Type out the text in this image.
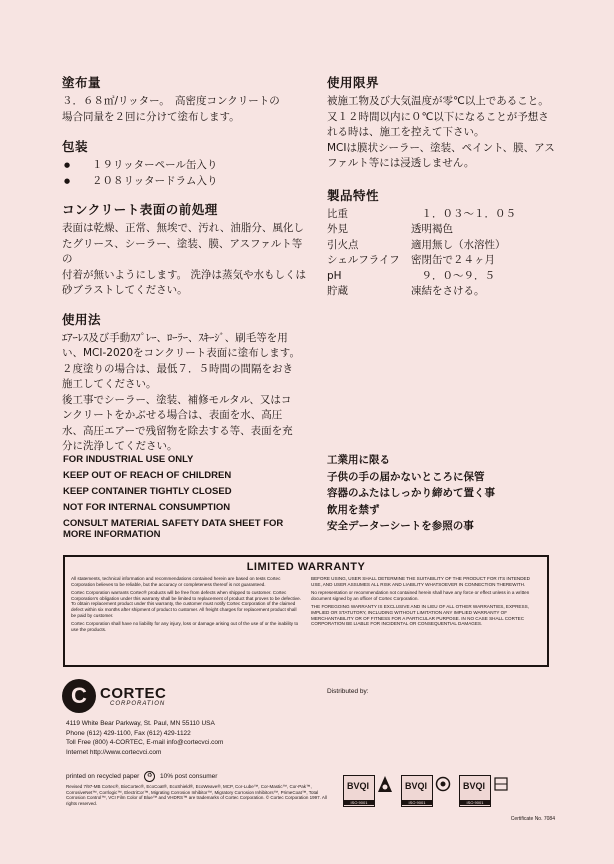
塗布量

３．６８㎡/リッター。　高密度コンクリートの
場合同量を２回に分けて塗布します。

包装
● １９リッターペール缶入り
● ２０８リッタードラム入り
コンクリート表面の前処理

表面は乾燥、正常、無埃で、汚れ、油脂分、風化し
たグリース、シーラー、塗装、膜、アスファルト等の
付着が無いようにします。 洗浄は蒸気や水もしくは
砂ブラストしてください。

使用法

ｴｱｰﾚｽ及び手動ｽﾌﾟﾚｰ、ﾛｰﾗｰ、ｽｷｰｼﾞ、刷毛等を用
い、MCI-2020をコンクリート表面に塗布します。
２度塗りの場合は、最低７．５時間の間隔をおき
施工してください。
後工事でシーラー、塗装、補修モルタル、又はコ
ンクリートをかぶせる場合は、表面を水、高圧
水、高圧エアーで残留物を除去する等、表面を充
分に洗浄してください。

使用限界

被施工物及び大気温度が零℃以上であること。
又１２時間以内に０℃以下になることが予想さ
れる時は、施工を控えて下さい。
MCIは膜状シーラー、塗装、ペイント、膜、アス
ファルト等には浸透しません。

製品特性
比重	　１．０３～１．０５
外見	透明褐色
引火点	適用無し（水溶性）
シェルフライフ	密閉缶で２４ヶ月
pH	　９．０～９．５
貯蔵	凍結をさける。
FOR INDUSTRIAL USE ONLY
KEEP OUT OF REACH OF CHILDREN
KEEP CONTAINER TIGHTLY CLOSED
NOT FOR INTERNAL CONSUMPTION
CONSULT MATERIAL SAFETY DATA SHEET FOR
MORE INFORMATION
工業用に限る
子供の手の届かないところに保管
容器のふたはしっかり締めて置く事
飲用を禁ず
安全データーシートを参照の事
LIMITED WARRANTY

All statements, technical information and recommendations contained herein are based on tests Cortec Corporation believes to be reliable, but the accuracy or completeness thereof is not guaranteed.

Cortec Corporation warrants Cortec® products will be free from defects when shipped to customer. Cortec Corporation's obligation under this warranty shall be limited to replacement of product that proves to be defective. To obtain replacement product under this warranty, the customer must notify Cortec Corporation of the claimed defect within six months after shipment of product to customer. All freight charges for replacement product shall be paid by customer.

Cortec Corporation shall have no liability for any injury, loss or damage arising out of the use of or the inability to use the products.

BEFORE USING, USER SHALL DETERMINE THE SUITABILITY OF THE PRODUCT FOR ITS INTENDED USE, AND USER ASSUMES ALL RISK AND LIABILITY WHATSOEVER IN CONNECTION THEREWITH.

No representation or recommendation not contained herein shall have any force or effect unless in a written document signed by an officer of Cortec Corporation.

THE FOREGOING WARRANTY IS EXCLUSIVE AND IN LIEU OF ALL OTHER WARRANTIES, EXPRESS, IMPLIED OR STATUTORY, INCLUDING WITHOUT LIMITATION ANY IMPLIED WARRANTY OF MERCHANTABILITY OR OF FITNESS FOR A PARTICULAR PURPOSE. IN NO CASE SHALL CORTEC CORPORATION BE LIABLE FOR INCIDENTAL OR CONSEQUENTIAL DAMAGES.

C CORTEC
CORPORATION
Distributed by:
4119 White Bear Parkway, St. Paul, MN 55110 USA
Phone (612) 429-1100, Fax (612) 429-1122
Toll Free (800) 4-CORTEC, E-mail info@cortecvci.com
Internet http://www.cortecvci.com
printed on recycled paper ♻ 10% post consumer
Revised 7/97-MB Cortec®, BioCortec®, EcoCoat®, EcoShield®, EcoWeave®, MCP, Cor-Lube™, Cor-Mastic™, Cor-Pak™, CorrosiveNet™, Corrlogic™, ElectriCor™, Migrating Corrosion Inhibitor™, Migratory Corrosion Inhibitors™, PrimeCoat™, Total Corrosion Control™, VCI Film Color of Blue™ and VHDRS™ are trademarks of Cortec Corporation. © Cortec Corporation 1997. All rights reserved.
BVQI
ISO 9001
BVQI
ISO 9001
BVQI
ISO 9001
Certificate No. 7084
